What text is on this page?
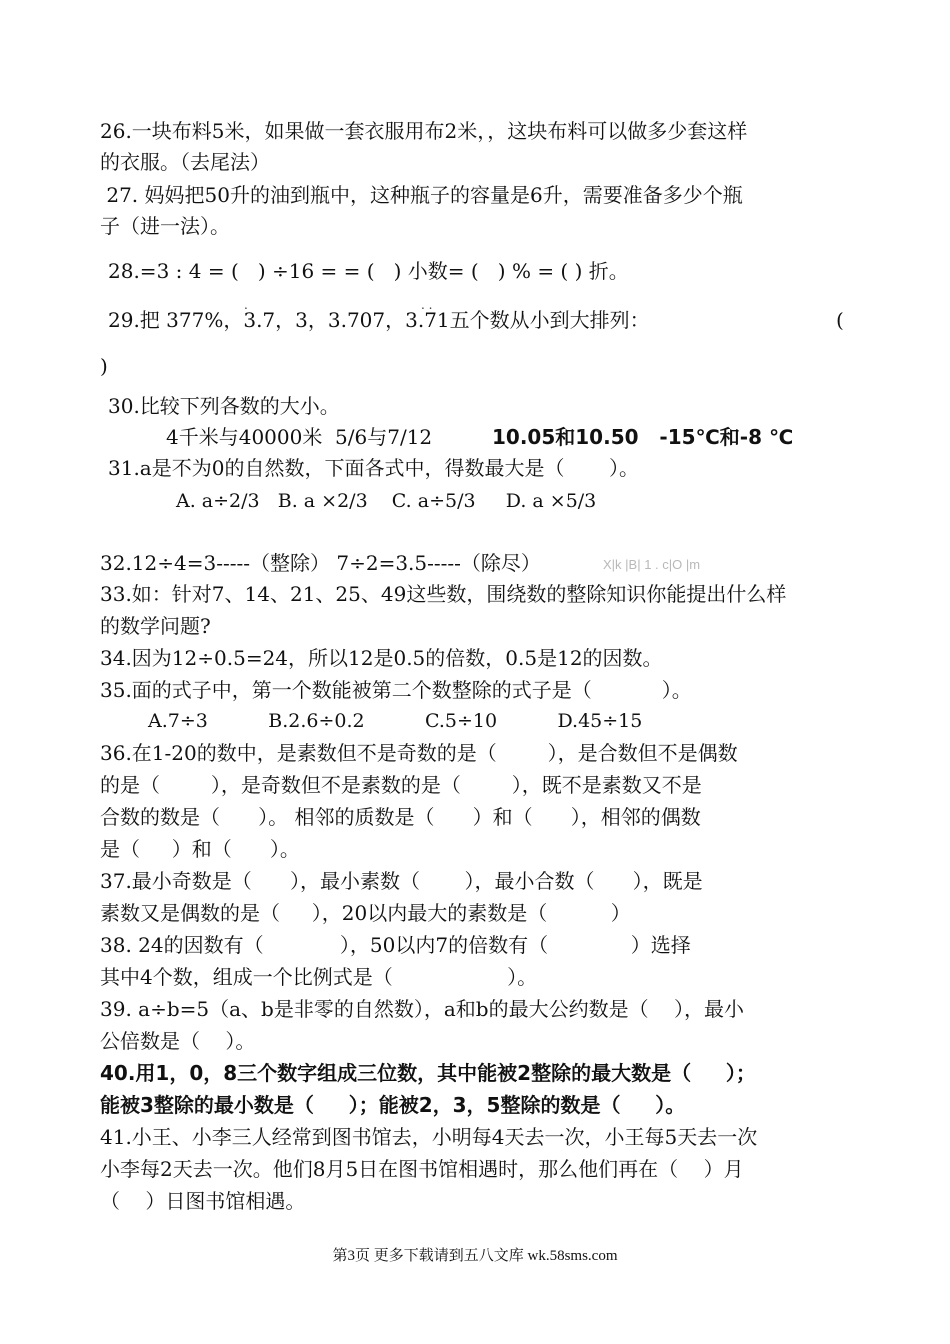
26.一块布料5米，如果做一套衣服用布2米，，这块布料可以做多少套这样
的衣服。（去尾法）
27. 妈妈把50升的油到瓶中，这种瓶子的容量是6升，需要准备多少个瓶
子（进一法）。
28.=3 : 4 = (   ) ÷16 = = (   ) 小数= (   ) % = ( ) 折。
.	. .
29.把 377%，3.7，3，3.707，3.71五个数从小到大排列：	(
)
30.比较下列各数的大小。
4千米与40000米  5/6与7/12	10.05和10.50   -15℃和-8 ℃
31.a是不为0的自然数，下面各式中，得数最大是（       ）。
A. a÷2/3   B. a ×2/3    C. a÷5/3     D. a ×5/3
32.12÷4=3-----（整除） 7÷2=3.5-----（除尽）	X|k |B| 1 . c|O |m
33.如：针对7、14、21、25、49这些数，围绕数的整除知识你能提出什么样
的数学问题?
34.因为12÷0.5=24，所以12是0.5的倍数，0.5是12的因数。
35.面的式子中，第一个数能被第二个数整除的式子是（           ）。
A.7÷3          B.2.6÷0.2          C.5÷10          D.45÷15
36.在1-20的数中，是素数但不是奇数的是（        ），是合数但不是偶数
的是（        ），是奇数但不是素数的是（        ），既不是素数又不是
合数的数是（      ）。 相邻的质数是（      ）和（      ），相邻的偶数
是（     ）和（      ）。
37.最小奇数是（      ），最小素数（       ），最小合数（      ），既是
素数又是偶数的是（     ），20以内最大的素数是（          ）
38. 24的因数有（            ），50以内7的倍数有（             ）选择
其中4个数，组成一个比例式是（                  ）。
39. a÷b=5（a、b是非零的自然数），a和b的最大公约数是（    ），最小
公倍数是（    ）。
40.用1，0，8三个数字组成三位数，其中能被2整除的最大数是（     ）；
能被3整除的最小数是（     ）；能被2，3，5整除的数是（     ）。
41.小王、小李三人经常到图书馆去，小明每4天去一次，小王每5天去一次
小李每2天去一次。他们8月5日在图书馆相遇时，那么他们再在（    ）月
（    ）日图书馆相遇。
第3页 更多下载请到五八文库 wk.58sms.com
